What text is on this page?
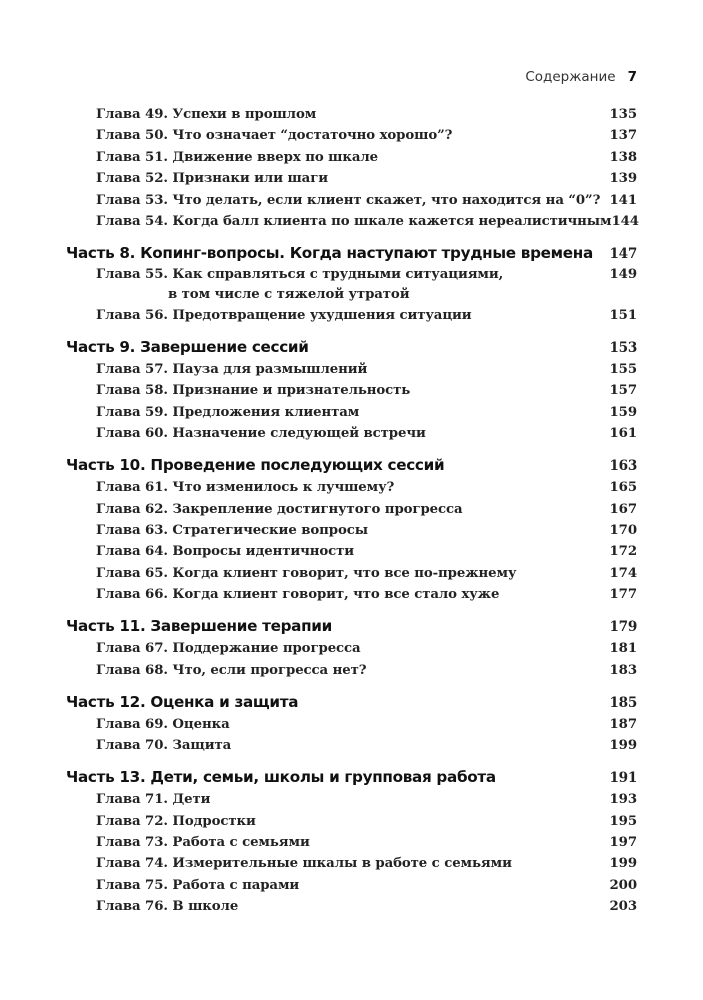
Содержание 7
Глава 49. Успехи в прошлом	135
Глава 50. Что означает “достаточно хорошо”?	137
Глава 51. Движение вверх по шкале	138
Глава 52. Признаки или шаги	139
Глава 53. Что делать, если клиент скажет, что находится на “0”? 141
Глава 54. Когда балл клиента по шкале кажется нереалистичным 144
Часть 8. Копинг-вопросы. Когда наступают трудные времена 147
Глава 55. Как справляться с трудными ситуациями,
в том числе с тяжелой утратой
149
Глава 56. Предотвращение ухудшения ситуации	151
Часть 9. Завершение сессий	153
Глава 57. Пауза для размышлений	155
Глава 58. Признание и признательность	157
Глава 59. Предложения клиентам	159
Глава 60. Назначение следующей встречи	161
Часть 10. Проведение последующих сессий	163
Глава 61. Что изменилось к лучшему?	165
Глава 62. Закрепление достигнутого прогресса	167
Глава 63. Стратегические вопросы	170
Глава 64. Вопросы идентичности	172
Глава 65. Когда клиент говорит, что все по-прежнему	174
Глава 66. Когда клиент говорит, что все стало хуже	177
Часть 11. Завершение терапии	179
Глава 67. Поддержание прогресса	181
Глава 68. Что, если прогресса нет?	183
Часть 12. Оценка и защита	185
Глава 69. Оценка	187
Глава 70. Защита	199
Часть 13. Дети, семьи, школы и групповая работа	191
Глава 71. Дети	193
Глава 72. Подростки	195
Глава 73. Работа с семьями	197
Глава 74. Измерительные шкалы в работе с семьями	199
Глава 75. Работа с парами	200
Глава 76. В школе	203
